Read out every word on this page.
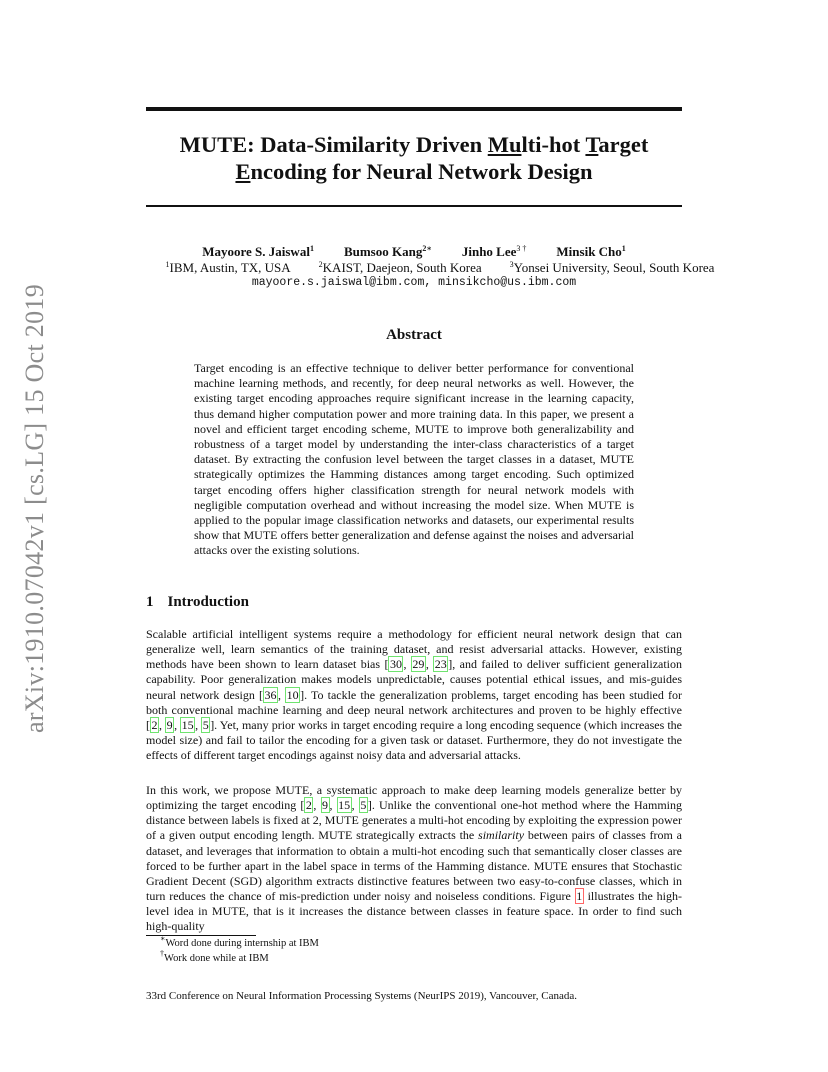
arXiv:1910.07042v1 [cs.LG] 15 Oct 2019
MUTE: Data-Similarity Driven Multi-hot Target
Encoding for Neural Network Design
Mayoore S. Jaiswal$^1$ Bumsoo Kang$^{2∗}$ Jinho Lee$^{3 \dagger}$ Minsik Cho$^1$
$^1$IBM, Austin, TX, USA	$^2$KAIST, Daejeon, South Korea	$^3$Yonsei University, Seoul, South Korea
mayoore.s.jaiswal@ibm.com, minsikcho@us.ibm.com
Abstract
Target encoding is an effective technique to deliver better performance for conventional machine learning methods, and recently, for deep neural networks as well. However, the existing target encoding approaches require significant increase in the learning capacity, thus demand higher computation power and more training data. In this paper, we present a novel and efficient target encoding scheme, MUTE to improve both generalizability and robustness of a target model by understanding the inter-class characteristics of a target dataset. By extracting the confusion level between the target classes in a dataset, MUTE strategically optimizes the Hamming distances among target encoding. Such optimized target encoding offers higher classification strength for neural network models with negligible computation overhead and without increasing the model size. When MUTE is applied to the popular image classification networks and datasets, our experimental results show that MUTE offers better generalization and defense against the noises and adversarial attacks over the existing solutions.
1 Introduction
Scalable artificial intelligent systems require a methodology for efficient neural network design that can generalize well, learn semantics of the training dataset, and resist adversarial attacks. However, existing methods have been shown to learn dataset bias [ 30 , 29 , 23 ], and failed to deliver sufficient generalization capability. Poor generalization makes models unpredictable, causes potential ethical issues, and mis-guides neural network design [ 36 , 10 ]. To tackle the generalization problems, target encoding has been studied for both conventional machine learning and deep neural network architectures and proven to be highly effective [ 2 , 9 , 15 , 5 ]. Yet, many prior works in target encoding require a long encoding sequence (which increases the model size) and fail to tailor the encoding for a given task or dataset. Furthermore, they do not investigate the effects of different target encodings against noisy data and adversarial attacks.
In this work, we propose MUTE, a systematic approach to make deep learning models generalize better by optimizing the target encoding [ 2 , 9 , 15 , 5 ]. Unlike the conventional one-hot method where the Hamming distance between labels is fixed at 2, MUTE generates a multi-hot encoding by exploiting the expression power of a given output encoding length. MUTE strategically extracts the similarity between pairs of classes from a dataset, and leverages that information to obtain a multi-hot encoding such that semantically closer classes are forced to be further apart in the label space in terms of the Hamming distance. MUTE ensures that Stochastic Gradient Decent (SGD) algorithm extracts distinctive features between two easy-to-confuse classes, which in turn reduces the chance of mis-prediction under noisy and noiseless conditions. Figure 1 illustrates the high-level idea in MUTE, that is it increases the distance between classes in feature space. In order to find such high-quality
∗Word done during internship at IBM
†Work done while at IBM
33rd Conference on Neural Information Processing Systems (NeurIPS 2019), Vancouver, Canada.
